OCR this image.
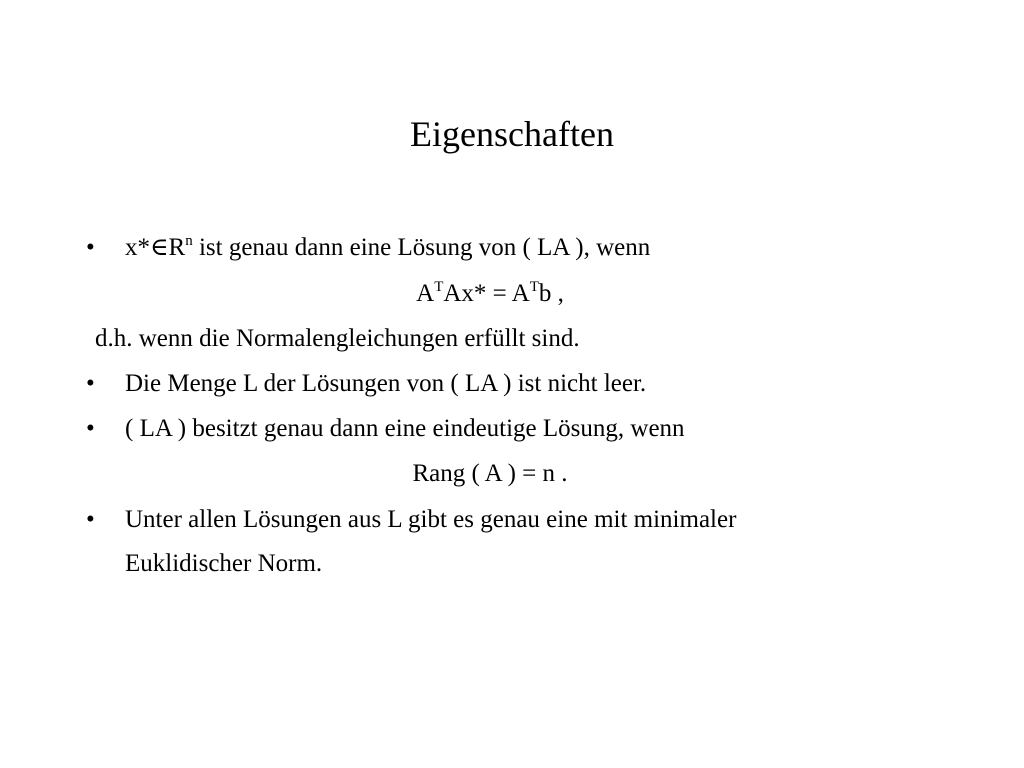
Eigenschaften
• $x*\in R^n$ ist genau dann eine Lösung von ( LA ), wenn
$A^TAx* = A^Tb$ ,
d.h. wenn die Normalengleichungen erfüllt sind.
• Die Menge L der Lösungen von ( LA ) ist nicht leer.
• ( LA ) besitzt genau dann eine eindeutige Lösung, wenn
Rang ( A ) = n .
• Unter allen Lösungen aus L gibt es genau eine mit minimaler
Euklidischer Norm.
